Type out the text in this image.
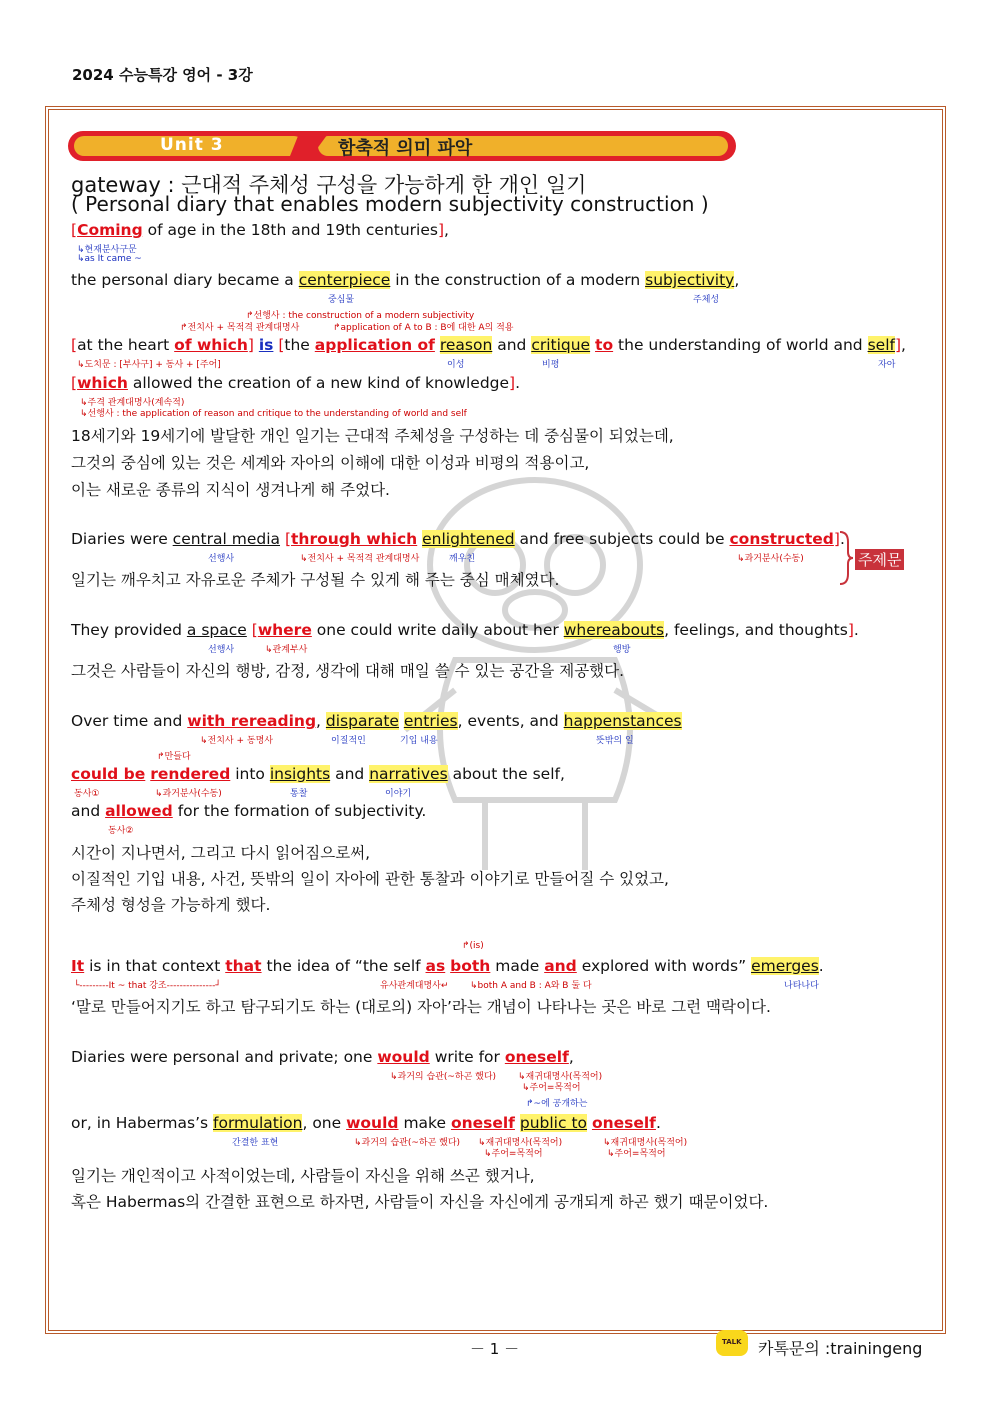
2024 수능특강 영어 - 3강
Unit 3	함축적 의미 파악
gateway : 근대적 주체성 구성을 가능하게 한 개인 일기
( Personal diary that enables modern subjectivity construction )
[Coming of age in the 18th and 19th centuries],
↳현재분사구문
↳as It came ~
the personal diary became a centerpiece in the construction of a modern subjectivity,
중심물	주체성
↱선행사 : the construction of a modern subjectivity
↱전치사 + 목적격 관계대명사	↱application of A to B : B에 대한 A의 적용
[at the heart of which] is [the application of reason and critique to the understanding of world and self],
이성	비평	자아
↳도치문 : [부사구] + 동사 + [주어]
[which allowed the creation of a new kind of knowledge].
↳주격 관계대명사(계속적)
↳선행사 : the application of reason and critique to the understanding of world and self
18세기와 19세기에 발달한 개인 일기는 근대적 주체성을 구성하는 데 중심물이 되었는데,
그것의 중심에 있는 것은 세계와 자아의 이해에 대한 이성과 비평의 적용이고,
이는 새로운 종류의 지식이 생겨나게 해 주었다.
Diaries were central media [through which enlightened and free subjects could be constructed].
선행사	↳전치사 + 목적격 관계대명사	깨우친	↳과거분사(수동)	주제문
일기는 깨우치고 자유로운 주체가 구성될 수 있게 해 주는 중심 매체였다.
They provided a space [where one could write daily about her whereabouts, feelings, and thoughts].
선행사	↳관계부사	행방
그것은 사람들이 자신의 행방, 감정, 생각에 대해 매일 쓸 수 있는 공간을 제공했다.
Over time and with rereading, disparate entries, events, and happenstances
↳전치사 + 동명사	이질적인	기입 내용	뜻밖의 일
↱만들다
could be rendered into insights and narratives about the self,
동사①	↳과거분사(수동)	통찰	이야기
and allowed for the formation of subjectivity.
동사②
시간이 지나면서, 그리고 다시 읽어짐으로써,
이질적인 기입 내용, 사건, 뜻밖의 일이 자아에 관한 통찰과 이야기로 만들어질 수 있었고,
주체성 형성을 가능하게 했다.
↱(is)
It is in that context that the idea of “the self as both made and explored with words” emerges.
└---------It ~ that 강조---------------┘	유사관계대명사↵ ↳both A and B : A와 B 둘 다	나타나다
‘말로 만들어지기도 하고 탐구되기도 하는 (대로의) 자아’라는 개념이 나타나는 곳은 바로 그런 맥락이다.
Diaries were personal and private; one would write for oneself,
↳과거의 습관(~하곤 했다) ↳재귀대명사(목적어)
↳주어=목적어
↱~에 공개하는
or, in Habermas’s formulation, one would make oneself public to oneself.
간결한 표현	↳과거의 습관(~하곤 했다) ↳재귀대명사(목적어)
↳주어=목적어
↳재귀대명사(목적어)
↳주어=목적어
일기는 개인적이고 사적이었는데, 사람들이 자신을 위해 쓰곤 했거나,
혹은 Habermas의 간결한 표현으로 하자면, 사람들이 자신을 자신에게 공개되게 하곤 했기 때문이었다.
－ 1 －	TALK 카톡문의 :trainingeng
